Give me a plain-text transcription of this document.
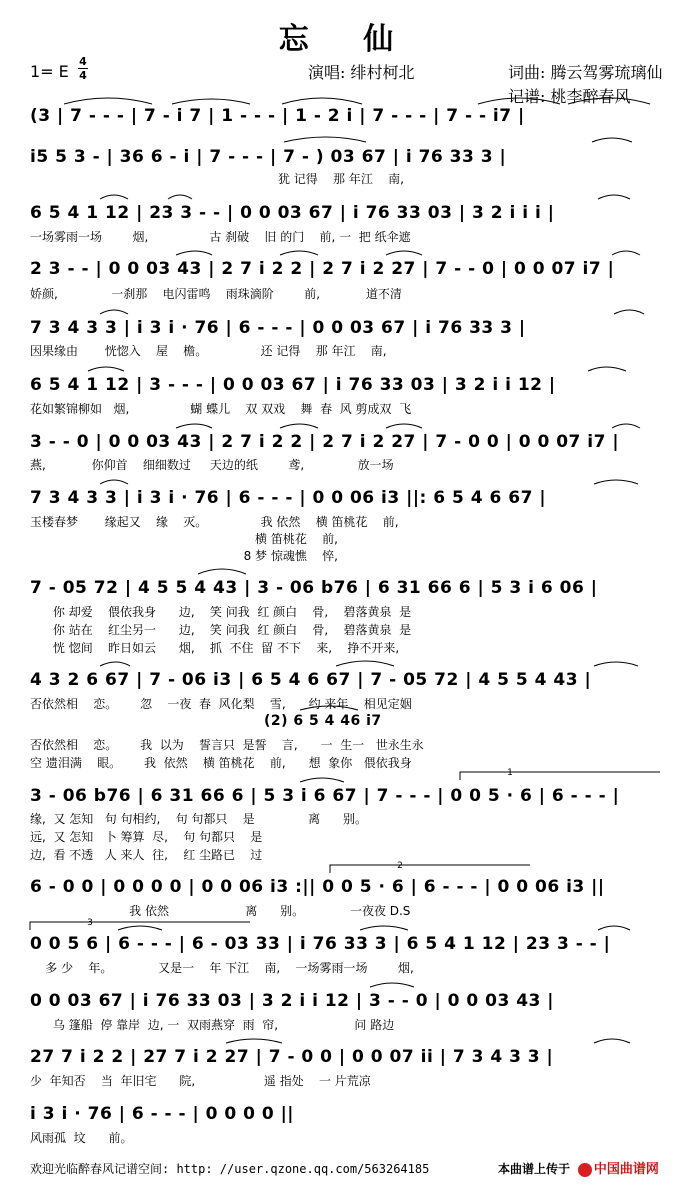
忘 仙
1= E
4
4	演唱: 绯村柯北	词曲: 腾云驾雾琉璃仙
记谱: 桃李醉春风
(3 | 7 - - - | 7 - i 7 | 1 - - - | 1 - 2 i | 7 - - - | 7 - - i7 |
i5 5 3 - | 36 6 - i | 7 - - - | 7 - ) 03 67 | i 76 33 3 |
犹 记得    那 年江    南,
6 5 4 1 12 | 23 3 - - | 0 0 03 67 | i 76 33 03 | 3 2 i i i |
一场雾雨一场        烟,                古 刹破    旧 的门    前, 一  把 纸伞遮
2 3 - - | 0 0 03 43 | 2 7 i 2 2 | 2 7 i 2 27 | 7 - - 0 | 0 0 07 i7 |
娇颜,              一刹那    电闪雷鸣    雨珠滴阶        前,            道不清
7 3 4 3 3 | i 3 i · 76 | 6 - - - | 0 0 03 67 | i 76 33 3 |
因果缘由       恍惚入    屋    檐。              还 记得    那 年江    南,
6 5 4 1 12 | 3 - - - | 0 0 03 67 | i 76 33 03 | 3 2 i i 12 |
花如繁锦柳如   烟,                蝴 蝶儿    双 双戏    舞  春  风 剪成双  飞
3 - - 0 | 0 0 03 43 | 2 7 i 2 2 | 2 7 i 2 27 | 7 - 0 0 | 0 0 07 i7 |
燕,            你仰首    细细数过     天边的纸        鸢,              放一场
7 3 4 3 3 | i 3 i · 76 | 6 - - - | 0 0 06 i3 ||: 6 5 4 6 67 |
玉楼春梦       缘起又    缘    灭。              我 依然    横 笛桃花    前,
横 笛桃花    前,
8 梦 惊魂憔    悴,
7 - 05 72 | 4 5 5 4 43 | 3 - 06 b76 | 6 31 66 6 | 5 3 i 6 06 |
你 却爱    偎依我身      边,    笑 问我  红 颜白    骨,    碧落黄泉  是
你 站在    红尘另一      边,    笑 问我  红 颜白    骨,    碧落黄泉  是
恍 惚间    昨日如云      烟,    抓  不住  留 不下    来,    挣不开来,
4 3 2 6 67 | 7 - 06 i3 | 6 5 4 6 67 | 7 - 05 72 | 4 5 5 4 43 |
否依然相    恋。      忽    一夜  春  风化梨    雪,      约 来年    相见定姻
(2) 6 5 4 46 i7
否依然相    恋。      我  以为    誓言只  是誓    言,      一  生一   世永生永
空 遗泪满    眼。      我  依然    横 笛桃花    前,      想  象你   偎依我身
3 - 06 b76 | 6 31 66 6 | 5 3 i 6 67 | 7 - - - | 0 0 5 · 6 | 6 - - - |
缘,  又 怎知   句 句相约,    句 句都只    是              离      别。
远,  又 怎知   卜 筹算  尽,    句 句都只    是
边,  看 不透   人 来人  往,    红 尘路已    过
6 - 0 0 | 0 0 0 0 | 0 0 06 i3 :|| 0 0 5 · 6 | 6 - - - | 0 0 06 i3 ||
我 依然                    离      别。            一夜夜 D.S
0 0 5 6 | 6 - - - | 6 - 03 33 | i 76 33 3 | 6 5 4 1 12 | 23 3 - - |
多 少    年。            又是一    年 下江    南,    一场雾雨一场        烟,
0 0 03 67 | i 76 33 03 | 3 2 i i 12 | 3 - - 0 | 0 0 03 43 |
乌 篷船  停 靠岸  边, 一  双雨燕穿  雨  帘,                    问 路边
27 7 i 2 2 | 27 7 i 2 27 | 7 - 0 0 | 0 0 07 ii | 7 3 4 3 3 |
少  年知否    当  年旧宅      院,                  遥 指处    一 片荒凉
i 3 i · 76 | 6 - - - | 0 0 0 0 ||
风雨孤  坟      前。
1
2
3
欢迎光临醉春风记谱空间: http: //user.qzone.qq.com/563264185	本曲谱上传于 中国曲谱网
